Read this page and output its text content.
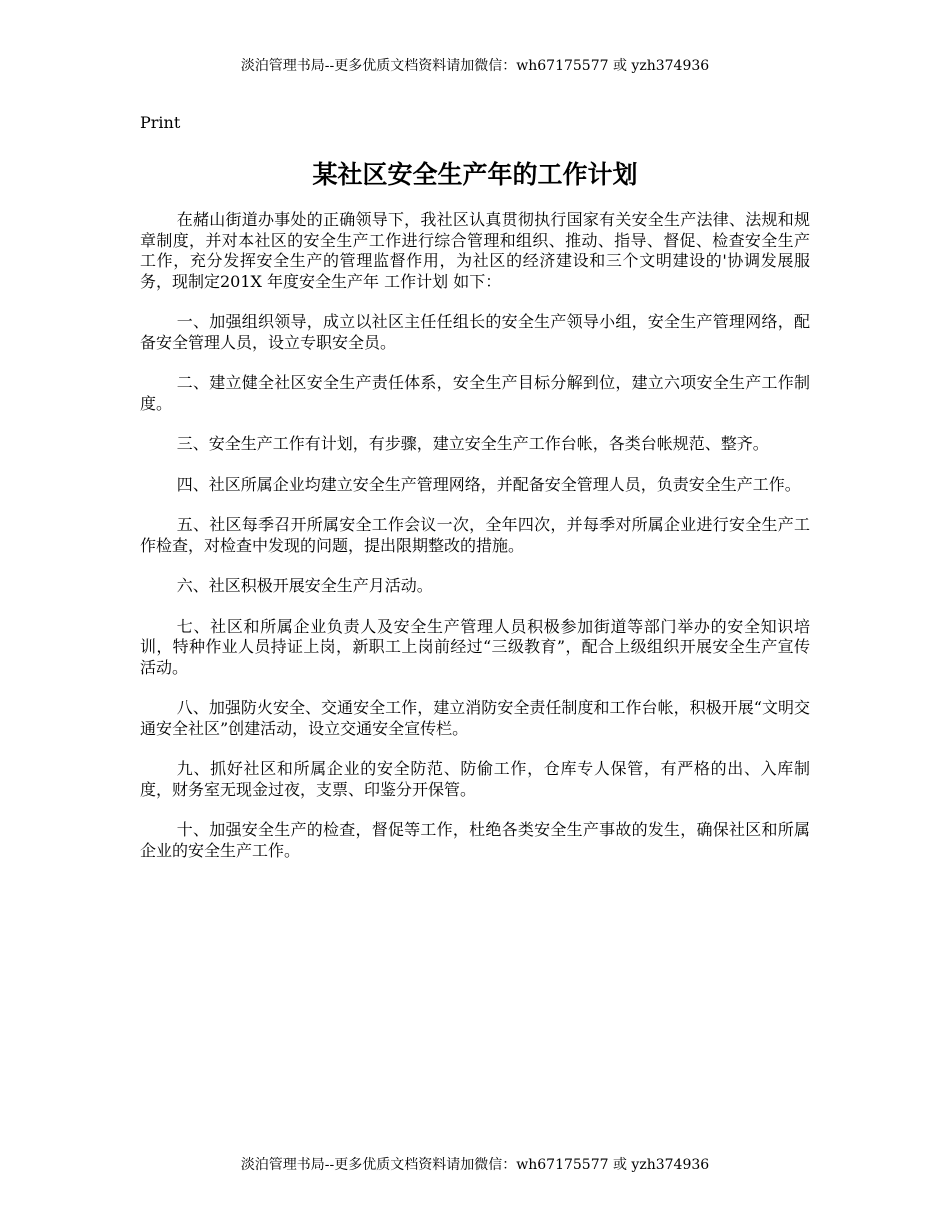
淡泊管理书局--更多优质文档资料请加微信：wh67175577 或 yzh374936
Print
某社区安全生产年的工作计划

在赭山街道办事处的正确领导下，我社区认真贯彻执行国家有关安全生产法律、法规和规章制度，并对本社区的安全生产工作进行综合管理和组织、推动、指导、督促、检查安全生产工作，充分发挥安全生产的管理监督作用，为社区的经济建设和三个文明建设的'协调发展服务，现制定201X 年度安全生产年 工作计划 如下：

一、加强组织领导，成立以社区主任任组长的安全生产领导小组，安全生产管理网络，配备安全管理人员，设立专职安全员。

二、建立健全社区安全生产责任体系，安全生产目标分解到位，建立六项安全生产工作制度。

三、安全生产工作有计划，有步骤，建立安全生产工作台帐，各类台帐规范、整齐。

四、社区所属企业均建立安全生产管理网络，并配备安全管理人员，负责安全生产工作。

五、社区每季召开所属安全工作会议一次，全年四次，并每季对所属企业进行安全生产工作检查，对检查中发现的问题，提出限期整改的措施。

六、社区积极开展安全生产月活动。

七、社区和所属企业负责人及安全生产管理人员积极参加街道等部门举办的安全知识培训，特种作业人员持证上岗，新职工上岗前经过“三级教育”，配合上级组织开展安全生产宣传活动。

八、加强防火安全、交通安全工作，建立消防安全责任制度和工作台帐，积极开展“文明交通安全社区”创建活动，设立交通安全宣传栏。

九、抓好社区和所属企业的安全防范、防偷工作，仓库专人保管，有严格的出、入库制度，财务室无现金过夜，支票、印鉴分开保管。

十、加强安全生产的检查，督促等工作，杜绝各类安全生产事故的发生，确保社区和所属企业的安全生产工作。

淡泊管理书局--更多优质文档资料请加微信：wh67175577 或 yzh374936
